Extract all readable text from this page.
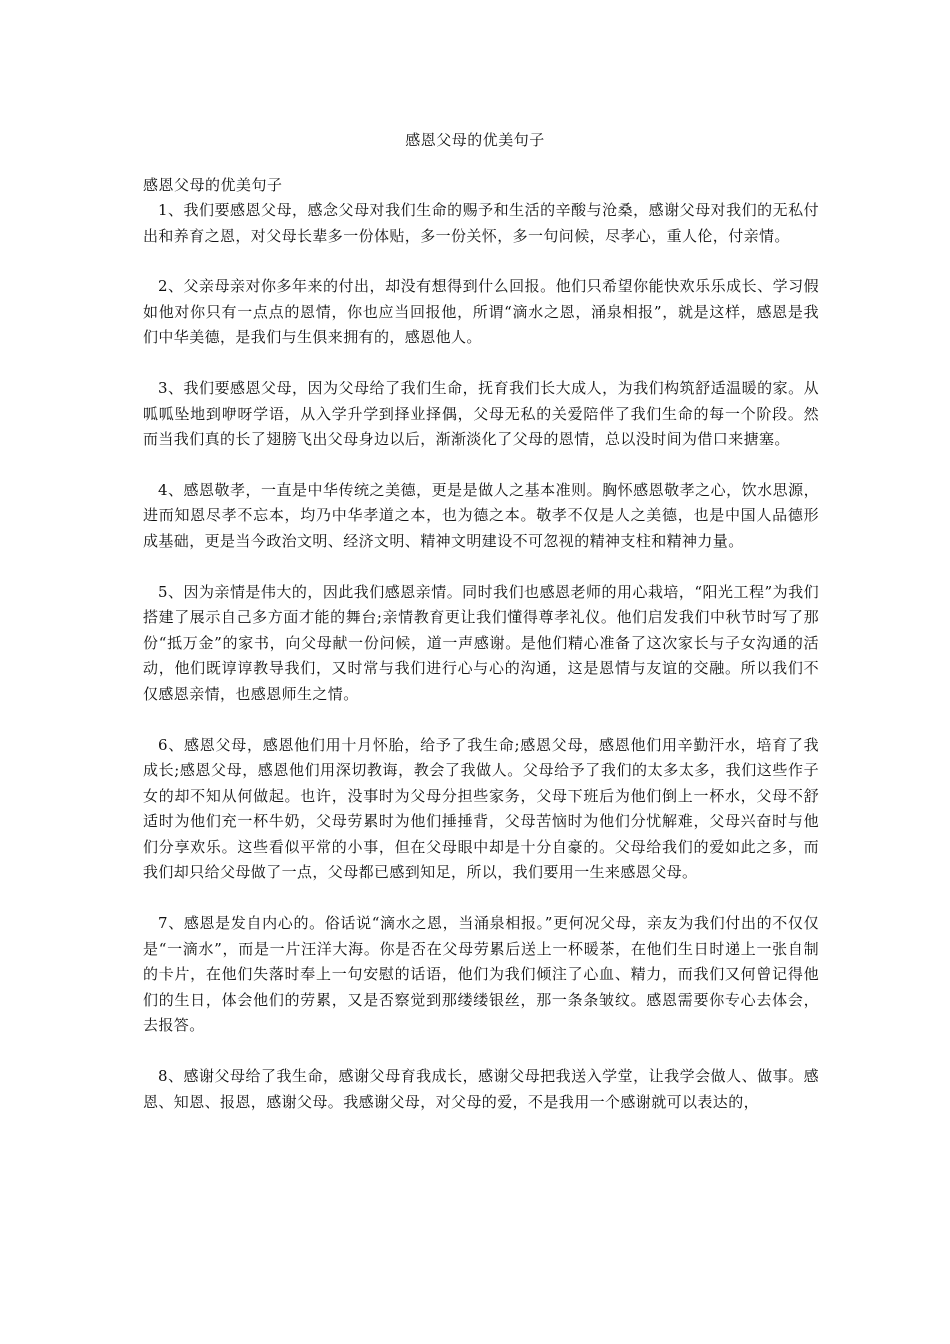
感恩父母的优美句子

感恩父母的优美句子

1、我们要感恩父母，感念父母对我们生命的赐予和生活的辛酸与沧桑，感谢父母对我们的无私付出和养育之恩，对父母长辈多一份体贴，多一份关怀，多一句问候，尽孝心，重人伦，付亲情。

2、父亲母亲对你多年来的付出，却没有想得到什么回报。他们只希望你能快欢乐乐成长、学习假如他对你只有一点点的恩情，你也应当回报他，所谓“滴水之恩，涌泉相报”，就是这样，感恩是我们中华美德，是我们与生俱来拥有的，感恩他人。

3、我们要感恩父母，因为父母给了我们生命，抚育我们长大成人，为我们构筑舒适温暖的家。从呱呱坠地到咿呀学语，从入学升学到择业择偶，父母无私的关爱陪伴了我们生命的每一个阶段。然而当我们真的长了翅膀飞出父母身边以后，渐渐淡化了父母的恩情，总以没时间为借口来搪塞。

4、感恩敬孝，一直是中华传统之美德，更是是做人之基本准则。胸怀感恩敬孝之心，饮水思源，进而知恩尽孝不忘本，均乃中华孝道之本，也为德之本。敬孝不仅是人之美德，也是中国人品德形成基础，更是当今政治文明、经济文明、精神文明建设不可忽视的精神支柱和精神力量。

5、因为亲情是伟大的，因此我们感恩亲情。同时我们也感恩老师的用心栽培，“阳光工程”为我们搭建了展示自己多方面才能的舞台;亲情教育更让我们懂得尊孝礼仪。他们启发我们中秋节时写了那份“抵万金”的家书，向父母献一份问候，道一声感谢。是他们精心准备了这次家长与子女沟通的活动，他们既谆谆教导我们，又时常与我们进行心与心的沟通，这是恩情与友谊的交融。所以我们不仅感恩亲情，也感恩师生之情。

6、感恩父母，感恩他们用十月怀胎，给予了我生命;感恩父母，感恩他们用辛勤汗水，培育了我成长;感恩父母，感恩他们用深切教诲，教会了我做人。父母给予了我们的太多太多，我们这些作子女的却不知从何做起。也许，没事时为父母分担些家务，父母下班后为他们倒上一杯水，父母不舒适时为他们充一杯牛奶，父母劳累时为他们捶捶背，父母苦恼时为他们分忧解难，父母兴奋时与他们分享欢乐。这些看似平常的小事，但在父母眼中却是十分自豪的。父母给我们的爱如此之多，而我们却只给父母做了一点，父母都已感到知足，所以，我们要用一生来感恩父母。

7、感恩是发自内心的。俗话说“滴水之恩，当涌泉相报。”更何况父母，亲友为我们付出的不仅仅是“一滴水”，而是一片汪洋大海。你是否在父母劳累后送上一杯暖茶，在他们生日时递上一张自制的卡片，在他们失落时奉上一句安慰的话语，他们为我们倾注了心血、精力，而我们又何曾记得他们的生日，体会他们的劳累，又是否察觉到那缕缕银丝，那一条条皱纹。感恩需要你专心去体会，去报答。

8、感谢父母给了我生命，感谢父母育我成长，感谢父母把我送入学堂，让我学会做人、做事。感恩、知恩、报恩，感谢父母。我感谢父母，对父母的爱，不是我用一个感谢就可以表达的，
